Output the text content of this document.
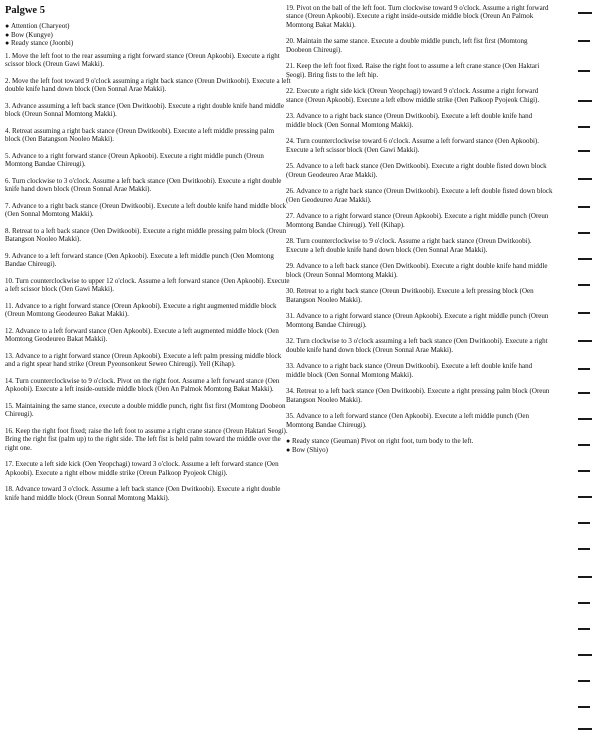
Palgwe 5
● Attention (Charyeot)
● Bow (Kungye)
● Ready stance (Joonbi)

1. Move the left foot to the rear assuming a right forward stance (Oreun Apkoobi). Execute a right scissor block (Oreun Gawi Makki).

2. Move the left foot toward 9 o'clock assuming a right back stance (Oreun Dwitkoobi). Execute a left double knife hand down block (Oen Sonnal Arae Makki).

3. Advance assuming a left back stance (Oen Dwitkoobi). Execute a right double knife hand middle block (Oreun Sonnal Momtong Makki).

4. Retreat assuming a right back stance (Oreun Dwitkoobi). Execute a left middle pressing palm block (Oen Batangson Nooleo Makki).

5. Advance to a right forward stance (Oreun Apkoobi). Execute a right middle punch (Oreun Momtong Bandae Chireugi).

6. Turn clockwise to 3 o'clock. Assume a left back stance (Oen Dwitkoobi). Execute a right double knife hand down block (Oreun Sonnal Arae Makki).

7. Advance to a right back stance (Oreun Dwitkoobi). Execute a left double knife hand middle block (Oen Sonnal Momtong Makki).

8. Retreat to a left back stance (Oen Dwitkoobi). Execute a right middle pressing palm block (Oreun Batangson Nooleo Makki).

9. Advance to a left forward stance (Oen Apkoobi). Execute a left middle punch (Oen Momtong Bandae Chireugi).

10. Turn counterclockwise to upper 12 o'clock. Assume a left forward stance (Oen Apkoobi). Execute a left scissor block (Oen Gawi Makki).

11. Advance to a right forward stance (Oreun Apkoobi). Execute a right augmented middle block (Oreun Momtong Geodeureo Bakat Makki).

12. Advance to a left forward stance (Oen Apkoobi). Execute a left augmented middle block (Oen Momtong Geodeureo Bakat Makki).

13. Advance to a right forward stance (Oreun Apkoobi). Execute a left palm pressing middle block and a right spear hand strike (Oreun Pyeonsonkeut Seweo Chireugi). Yell (Kihap).

14. Turn counterclockwise to 9 o'clock. Pivot on the right foot. Assume a left forward stance (Oen Apkoobi). Execute a left inside-outside middle block (Oen An Palmok Momtong Bakat Makki).

15. Maintaining the same stance, execute a double middle punch, right fist first (Momtong Doobeon Chireugi).

16. Keep the right foot fixed; raise the left foot to assume a right crane stance (Oreun Haktari Seogi). Bring the right fist (palm up) to the right side. The left fist is held palm toward the middle over the right one.

17. Execute a left side kick (Oen Yeopchagi) toward 3 o'clock. Assume a left forward stance (Oen Apkoobi). Execute a right elbow middle strike (Oreun Palkoop Pyojeok Chigi).

18. Advance toward 3 o'clock. Assume a left back stance (Oen Dwitkoobi). Execute a right double knife hand middle block (Oreun Sonnal Momtong Makki).

19. Pivot on the ball of the left foot. Turn clockwise toward 9 o'clock. Assume a right forward stance (Oreun Apkoobi). Execute a right inside-outside middle block (Oreun An Palmok Momtong Bakat Makki).

20. Maintain the same stance. Execute a double middle punch, left fist first (Momtong Doobeon Chireugi).

21. Keep the left foot fixed. Raise the right foot to assume a left crane stance (Oen Haktari Seogi). Bring fists to the left hip.

22. Execute a right side kick (Oreun Yeopchagi) toward 9 o'clock. Assume a right forward stance (Oreun Apkoobi). Execute a left elbow middle strike (Oen Palkoop Pyojeok Chigi).

23. Advance to a right back stance (Oreun Dwitkoobi). Execute a left double knife hand middle block (Oen Sonnal Momtong Makki).

24. Turn counterclockwise toward 6 o'clock. Assume a left forward stance (Oen Apkoobi). Execute a left scissor block (Oen Gawi Makki).

25. Advance to a left back stance (Oen Dwitkoobi). Execute a right double fisted down block (Oreun Geodeureo Arae Makki).

26. Advance to a right back stance (Oreun Dwitkoobi). Execute a left double fisted down block (Oen Geodeureo Arae Makki).

27. Advance to a right forward stance (Oreun Apkoobi). Execute a right middle punch (Oreun Momtong Bandae Chireugi). Yell (Kihap).

28. Turn counterclockwise to 9 o'clock. Assume a right back stance (Oreun Dwitkoobi). Execute a left double knife hand down block (Oen Sonnal Arae Makki).

29. Advance to a left back stance (Oen Dwitkoobi). Execute a right double knife hand middle block (Oreun Sonnal Momtong Makki).

30. Retreat to a right back stance (Oreun Dwitkoobi). Execute a left pressing block (Oen Batangson Nooleo Makki).

31. Advance to a right forward stance (Oreun Apkoobi). Execute a right middle punch (Oreun Momtong Bandae Chireugi).

32. Turn clockwise to 3 o'clock assuming a left back stance (Oen Dwitkoobi). Execute a right double knife hand down block (Oreun Sonnal Arae Makki).

33. Advance to a right back stance (Oreun Dwitkoobi). Execute a left double knife hand middle block (Oen Sonnal Momtong Makki).

34. Retreat to a left back stance (Oen Dwitkoobi). Execute a right pressing palm block (Oreun Batangson Nooleo Makki).

35. Advance to a left forward stance (Oen Apkoobi). Execute a left middle punch (Oen Momtong Bandae Chireugi).

● Ready stance (Geuman) Pivot on right foot, turn body to the left.
● Bow (Shiyo)
